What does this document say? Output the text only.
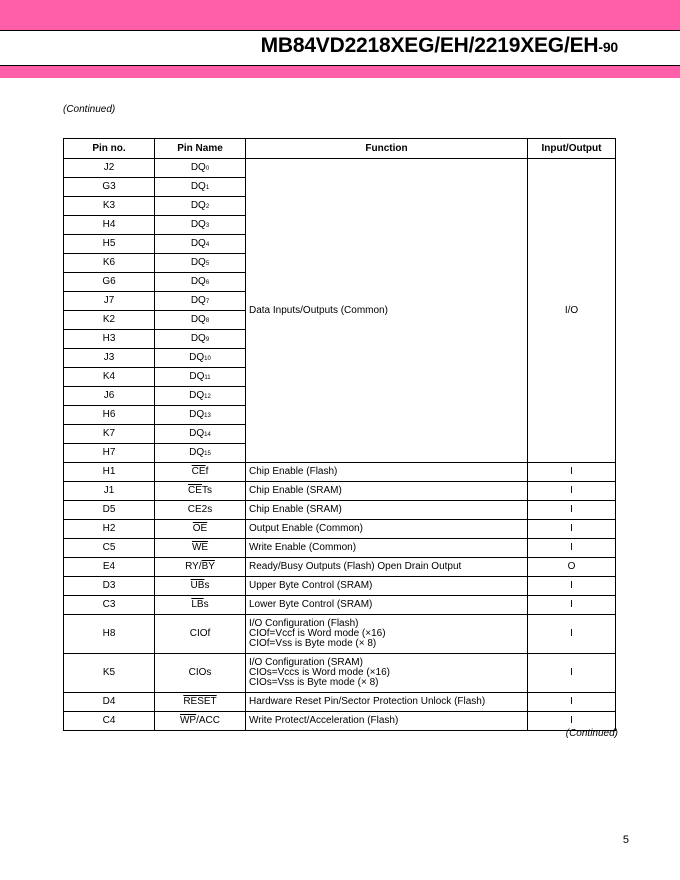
MB84VD2218XEG/EH/2219XEG/EH-90
(Continued)
Pin no.	Pin Name	Function	Input/Output
J2	DQ0	Data Inputs/Outputs (Common)	I/O
G3	DQ1		
K3	DQ2		
H4	DQ3		
H5	DQ4		
K6	DQ5		
G6	DQ6		
J7	DQ7		
K2	DQ8		
H3	DQ9		
J3	DQ10		
K4	DQ11		
J6	DQ12		
H6	DQ13		
K7	DQ14		
H7	DQ15		
H1	$\overline{CE}f$	Chip Enable (Flash)	I
J1	$\overline{CE}Ts$	Chip Enable (SRAM)	I
D5	CE2s	Chip Enable (SRAM)	I
H2	$\overline{OE}$	Output Enable (Common)	I
C5	$\overline{WE}$	Write Enable (Common)	I
E4	$RY/\overline{BY}$	Ready/Busy Outputs (Flash) Open Drain Output	O
D3	$\overline{UB}s$	Upper Byte Control (SRAM)	I
C3	$\overline{LB}s$	Lower Byte Control (SRAM)	I
H8	CIOf	I/O Configuration (Flash)
CIOf=Vccf is Word mode (×16)
CIOf=Vss is Byte mode (× 8)	I
K5	CIOs	I/O Configuration (SRAM)
CIOs=Vccs is Word mode (×16)
CIOs=Vss is Byte mode (× 8)	I
D4	RESET	Hardware Reset Pin/Sector Protection Unlock (Flash)	I
C4	$\overline{WP}$/ACC	Write Protect/Acceleration (Flash)	I
(Continued)
5
